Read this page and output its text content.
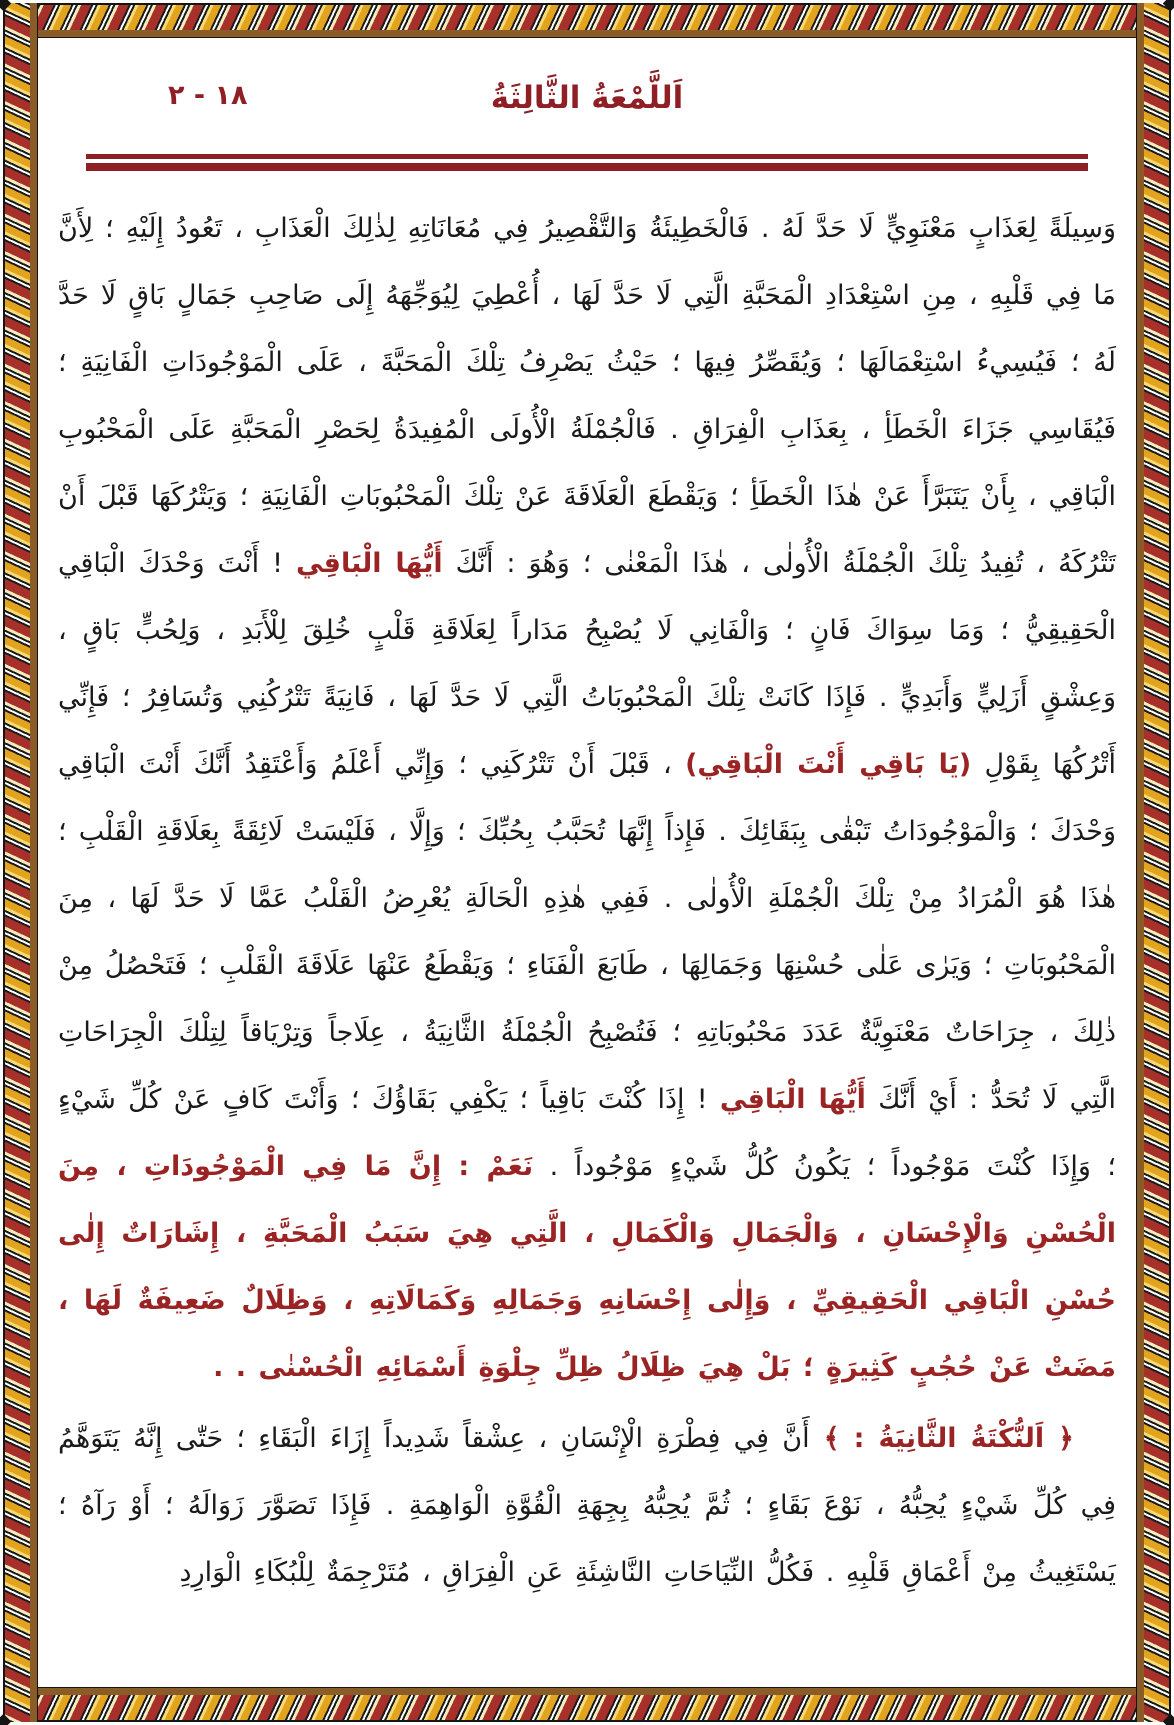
١٨ - ٢	اَللَّمْعَةُ الثَّالِثَةُ

وَسِيلَةً لِعَذَابٍ مَعْنَوِيٍّ لَا حَدَّ لَهُ . فَالْخَطِيئَةُ وَالتَّقْصِيرُ فِي مُعَانَاتِهِ لِذٰلِكَ الْعَذَابِ ، تَعُودُ إِلَيْهِ ؛ لِأَنَّ مَا فِي قَلْبِهِ ، مِنِ اسْتِعْدَادِ الْمَحَبَّةِ الَّتِي لَا حَدَّ لَهَا ، أُعْطِيَ لِيُوَجِّهَهُ إِلَى صَاحِبِ جَمَالٍ بَاقٍ لَا حَدَّ لَهُ ؛ فَيُسِيءُ اسْتِعْمَالَهَا ؛ وَيُقَصِّرُ فِيهَا ؛ حَيْثُ يَصْرِفُ تِلْكَ الْمَحَبَّةَ ، عَلَى الْمَوْجُودَاتِ الْفَانِيَةِ ؛ فَيُقَاسِي جَزَاءَ الْخَطَأِ ، بِعَذَابِ الْفِرَاقِ . فَالْجُمْلَةُ الْأُولَى الْمُفِيدَةُ لِحَصْرِ الْمَحَبَّةِ عَلَى الْمَحْبُوبِ الْبَاقِي ، بِأَنْ يَتَبَرَّأَ عَنْ هٰذَا الْخَطَأِ ؛ وَيَقْطَعَ الْعَلَاقَةَ عَنْ تِلْكَ الْمَحْبُوبَاتِ الْفَانِيَةِ ؛ وَيَتْرُكَهَا قَبْلَ أَنْ تَتْرُكَهُ ، تُفِيدُ تِلْكَ الْجُمْلَةُ الْأُولٰى ، هٰذَا الْمَعْنٰى ؛ وَهُوَ : أَنَّكَ أَيُّهَا الْبَاقِي ! أَنْتَ وَحْدَكَ الْبَاقِي الْحَقِيقِيُّ ؛ وَمَا سِوَاكَ فَانٍ ؛ وَالْفَانِي لَا يُصْبِحُ مَدَاراً لِعَلَاقَةِ قَلْبٍ خُلِقَ لِلْأَبَدِ ، وَلِحُبٍّ بَاقٍ ، وَعِشْقٍ أَزَلِيٍّ وَأَبَدِيٍّ . فَإِذَا كَانَتْ تِلْكَ الْمَحْبُوبَاتُ الَّتِي لَا حَدَّ لَهَا ، فَانِيَةً تَتْرُكُنِي وَتُسَافِرُ ؛ فَإِنِّي أَتْرُكُهَا بِقَوْلِ (يَا بَاقِي أَنْتَ الْبَاقِي) ، قَبْلَ أَنْ تَتْرُكَنِي ؛ وَإِنِّي أَعْلَمُ وَأَعْتَقِدُ أَنَّكَ أَنْتَ الْبَاقِي وَحْدَكَ ؛ وَالْمَوْجُودَاتُ تَبْقٰى بِبَقَائِكَ . فَإِذاً إِنَّهَا تُحَبَّبُ بِحُبِّكَ ؛ وَإِلَّا ، فَلَيْسَتْ لَائِقَةً بِعَلَاقَةِ الْقَلْبِ ؛ هٰذَا هُوَ الْمُرَادُ مِنْ تِلْكَ الْجُمْلَةِ الْأُولٰى . فَفِي هٰذِهِ الْحَالَةِ يُعْرِضُ الْقَلْبُ عَمَّا لَا حَدَّ لَهَا ، مِنَ الْمَحْبُوبَاتِ ؛ وَيَرٰى عَلٰى حُسْنِهَا وَجَمَالِهَا ، طَابَعَ الْفَنَاءِ ؛ وَيَقْطَعُ عَنْهَا عَلَاقَةَ الْقَلْبِ ؛ فَتَحْصُلُ مِنْ ذٰلِكَ ، جِرَاحَاتٌ مَعْنَوِيَّةٌ عَدَدَ مَحْبُوبَاتِهِ ؛ فَتُصْبِحُ الْجُمْلَةُ الثَّانِيَةُ ، عِلَاجاً وَتِرْيَاقاً لِتِلْكَ الْجِرَاحَاتِ الَّتِي لَا تُحَدُّ : أَيْ أَنَّكَ أَيُّهَا الْبَاقِي ! إِذَا كُنْتَ بَاقِياً ؛ يَكْفِي بَقَاؤُكَ ؛ وَأَنْتَ كَافٍ عَنْ كُلِّ شَيْءٍ ؛ وَإِذَا كُنْتَ مَوْجُوداً ؛ يَكُونُ كُلُّ شَيْءٍ مَوْجُوداً . نَعَمْ : إِنَّ مَا فِي الْمَوْجُودَاتِ ، مِنَ الْحُسْنِ وَالْإِحْسَانِ ، وَالْجَمَالِ وَالْكَمَالِ ، الَّتِي هِيَ سَبَبُ الْمَحَبَّةِ ، إِشَارَاتٌ إِلٰى حُسْنِ الْبَاقِي الْحَقِيقِيِّ ، وَإِلٰى إِحْسَانِهِ وَجَمَالِهِ وَكَمَالَاتِهِ ، وَظِلَالٌ ضَعِيفَةٌ لَهَا ، مَضَتْ عَنْ حُجُبٍ كَثِيرَةٍ ؛ بَلْ هِيَ ظِلَالُ ظِلِّ جِلْوَةِ أَسْمَائِهِ الْحُسْنٰى . .

﴿ اَلنُّكْتَةُ الثَّانِيَةُ : ﴾ أَنَّ فِي فِطْرَةِ الْإِنْسَانِ ، عِشْقاً شَدِيداً إِزَاءَ الْبَقَاءِ ؛ حَتّٰى إِنَّهُ يَتَوَهَّمُ فِي كُلِّ شَيْءٍ يُحِبُّهُ ، نَوْعَ بَقَاءٍ ؛ ثُمَّ يُحِبُّهُ بِجِهَةِ الْقُوَّةِ الْوَاهِمَةِ . فَإِذَا تَصَوَّرَ زَوَالَهُ ؛ أَوْ رَآهُ ؛ يَسْتَغِيثُ مِنْ أَعْمَاقِ قَلْبِهِ . فَكُلُّ النِّيَاحَاتِ النَّاشِئَةِ عَنِ الْفِرَاقِ ، مُتَرْجِمَةٌ لِلْبُكَاءِ الْوَارِدِ
